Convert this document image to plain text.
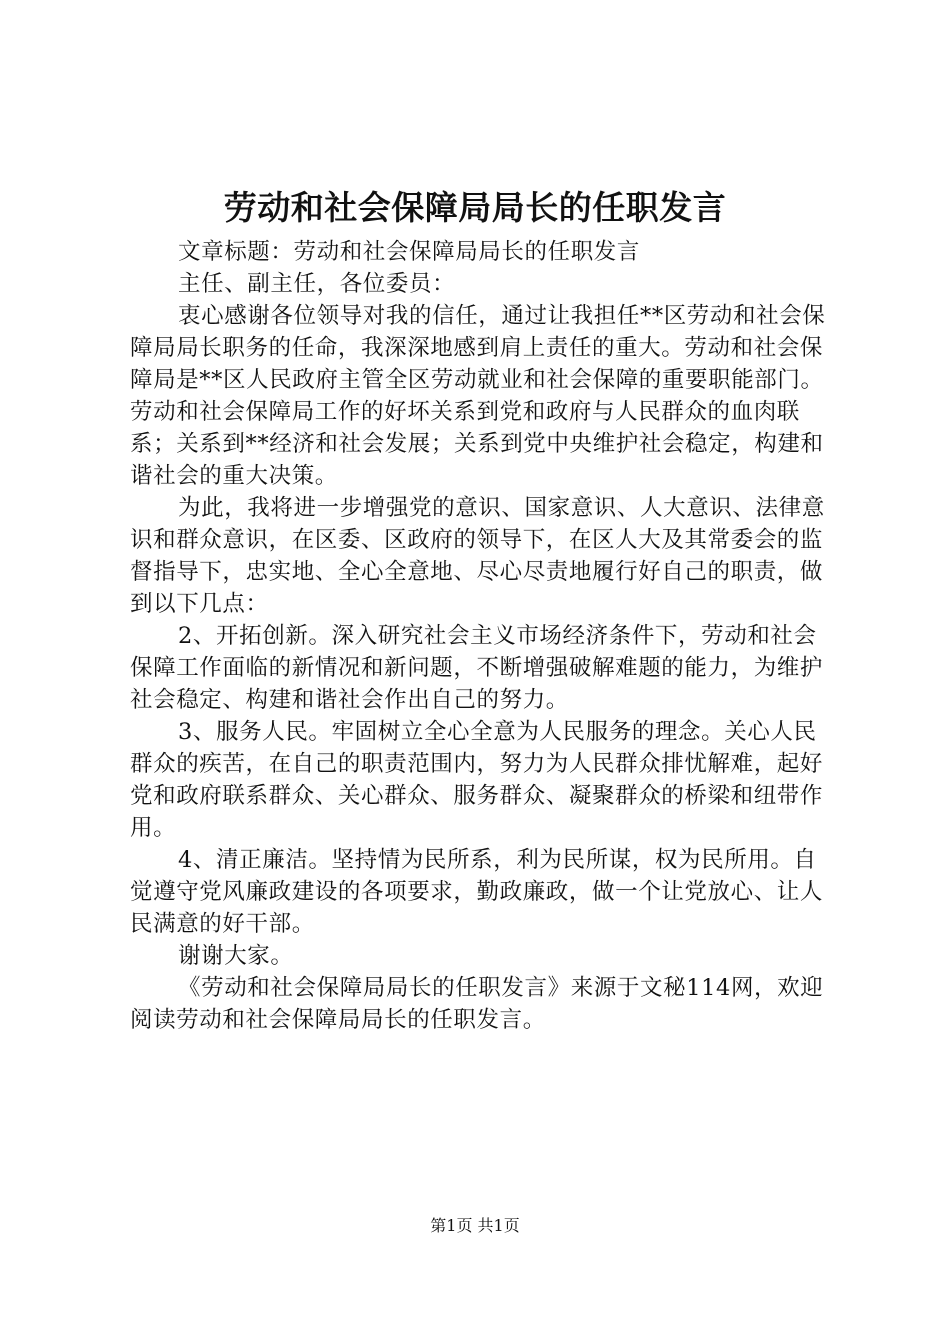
劳动和社会保障局局长的任职发言

文章标题：劳动和社会保障局局长的任职发言

主任、副主任，各位委员：

衷心感谢各位领导对我的信任，通过让我担任**区劳动和社会保障局局长职务的任命，我深深地感到肩上责任的重大。劳动和社会保障局是**区人民政府主管全区劳动就业和社会保障的重要职能部门。劳动和社会保障局工作的好坏关系到党和政府与人民群众的血肉联系；关系到**经济和社会发展；关系到党中央维护社会稳定，构建和谐社会的重大决策。

为此，我将进一步增强党的意识、国家意识、人大意识、法律意识和群众意识，在区委、区政府的领导下，在区人大及其常委会的监督指导下，忠实地、全心全意地、尽心尽责地履行好自己的职责，做到以下几点：

2、开拓创新。深入研究社会主义市场经济条件下，劳动和社会保障工作面临的新情况和新问题，不断增强破解难题的能力，为维护社会稳定、构建和谐社会作出自己的努力。

3、服务人民。牢固树立全心全意为人民服务的理念。关心人民群众的疾苦，在自己的职责范围内，努力为人民群众排忧解难，起好党和政府联系群众、关心群众、服务群众、凝聚群众的桥梁和纽带作用。

4、清正廉洁。坚持情为民所系，利为民所谋，权为民所用。自觉遵守党风廉政建设的各项要求，勤政廉政，做一个让党放心、让人民满意的好干部。

谢谢大家。

《劳动和社会保障局局长的任职发言》来源于文秘114网，欢迎阅读劳动和社会保障局局长的任职发言。

第1页 共1页
